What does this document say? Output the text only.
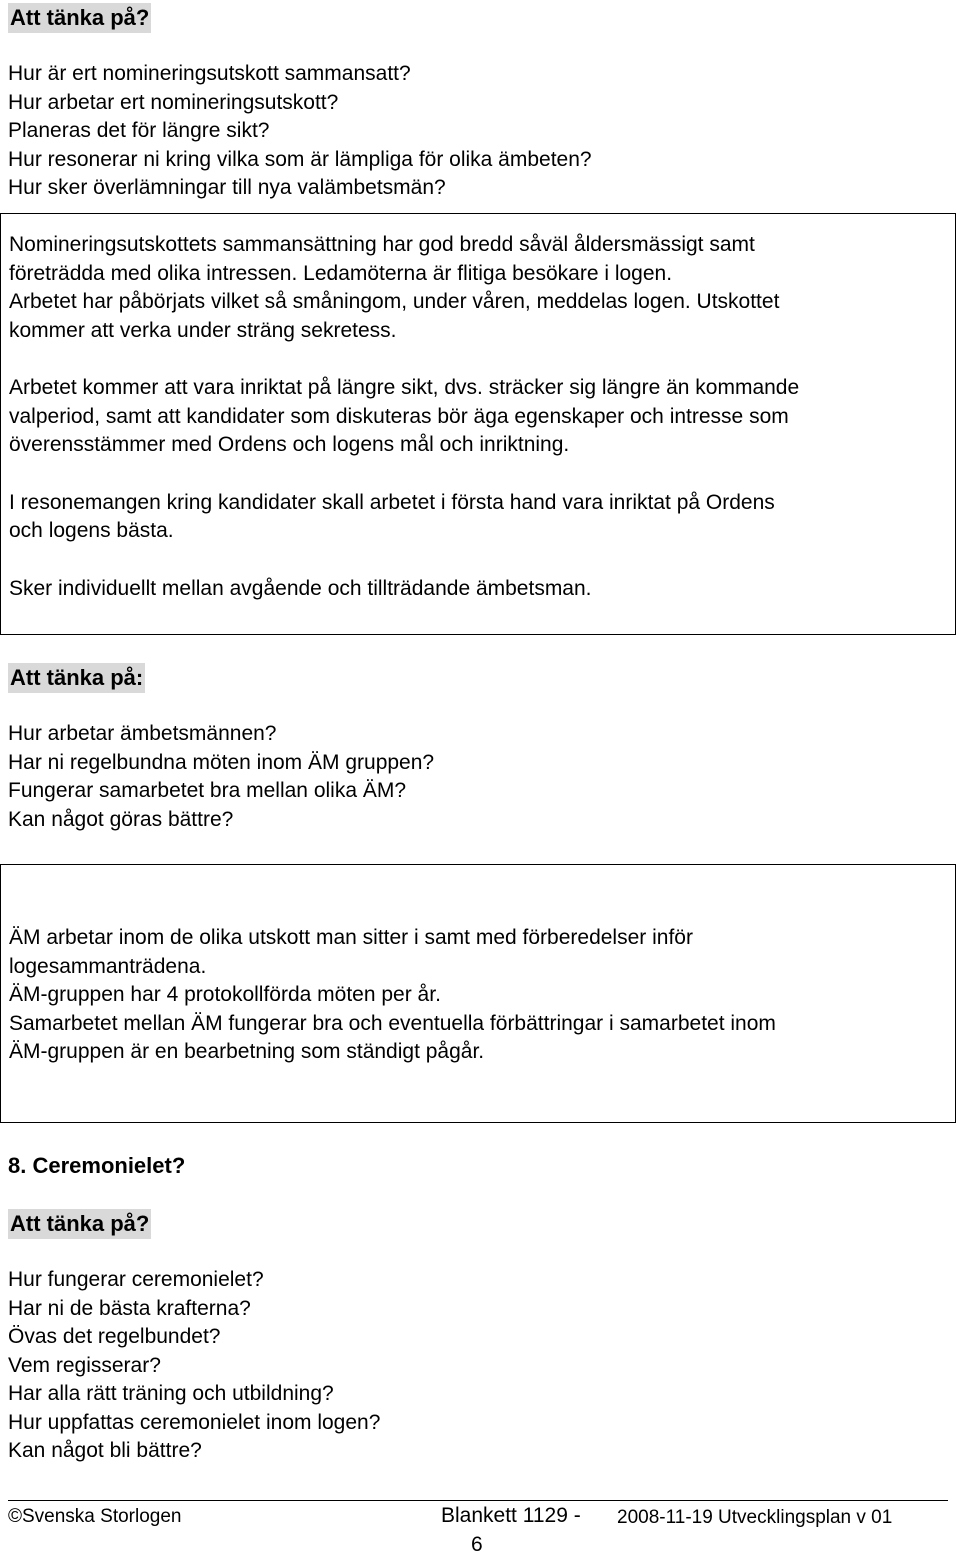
Att tänka på?
Hur är ert nomineringsutskott sammansatt?
Hur arbetar ert nomineringsutskott?
Planeras det för längre sikt?
Hur resonerar ni kring vilka som är lämpliga för olika ämbeten?
Hur sker överlämningar till nya valämbetsmän?
Nomineringsutskottets sammansättning har god bredd såväl åldersmässigt samt
företrädda med olika intressen. Ledamöterna är flitiga besökare i logen.
Arbetet har påbörjats vilket så småningom, under våren, meddelas logen. Utskottet
kommer att verka under sträng sekretess.
Arbetet kommer att vara inriktat på längre sikt, dvs. sträcker sig längre än kommande
valperiod, samt att kandidater som diskuteras bör äga egenskaper och intresse som
överensstämmer med Ordens och logens mål och inriktning.
I resonemangen kring kandidater skall arbetet i första hand vara inriktat på Ordens
och logens bästa.
Sker individuellt mellan avgående och tillträdande ämbetsman.
Att tänka på:
Hur arbetar ämbetsmännen?
Har ni regelbundna möten inom ÄM gruppen?
Fungerar samarbetet bra mellan olika ÄM?
Kan något göras bättre?
ÄM arbetar inom de olika utskott man sitter i samt med förberedelser inför
logesammanträdena.
ÄM-gruppen har 4 protokollförda möten per år.
Samarbetet mellan ÄM fungerar bra och eventuella förbättringar i samarbetet inom
ÄM-gruppen är en bearbetning som ständigt pågår.
8. Ceremonielet?
Att tänka på?
Hur fungerar ceremonielet?
Har ni de bästa krafterna?
Övas det regelbundet?
Vem regisserar?
Har alla rätt träning och utbildning?
Hur uppfattas ceremonielet inom logen?
Kan något bli bättre?
©Svenska Storlogen	Blankett 1129 - 2008-11-19 Utvecklingsplan v 01
6
